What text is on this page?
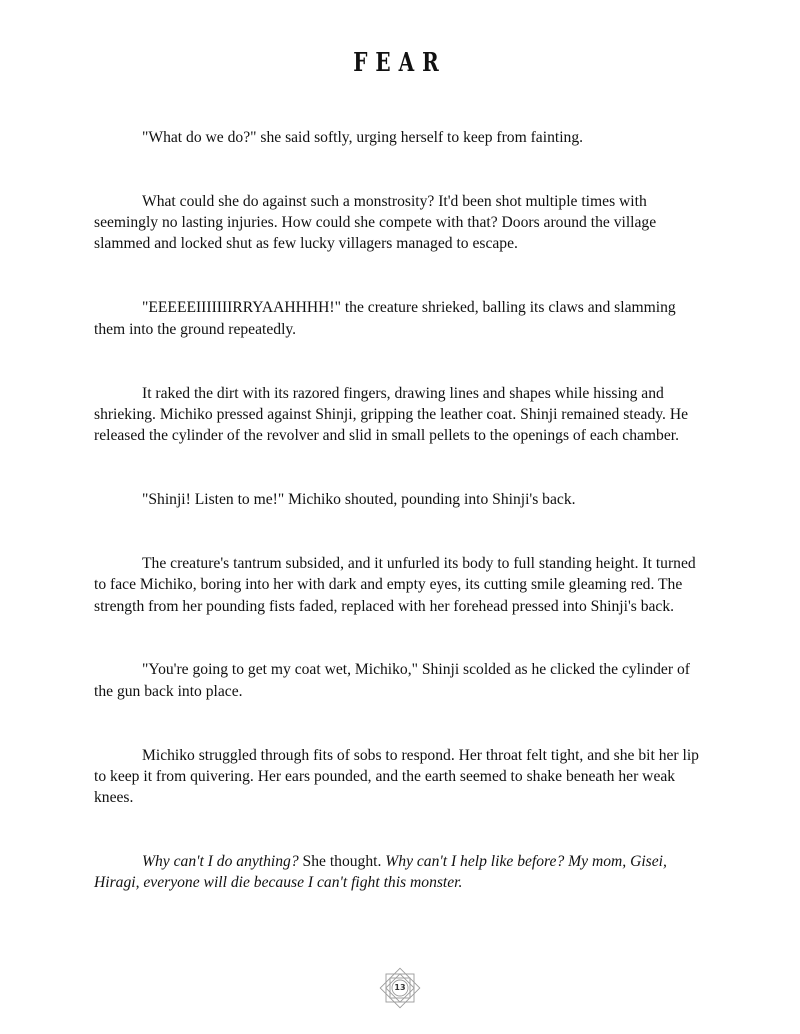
FEAR

"What do we do?" she said softly, urging herself to keep from fainting.

What could she do against such a monstrosity? It'd been shot multiple times with seemingly no lasting injuries. How could she compete with that? Doors around the village slammed and locked shut as few lucky villagers managed to escape.

"EEEEEIIIIIIIRRYAAHHHH!" the creature shrieked, balling its claws and slamming them into the ground repeatedly.

It raked the dirt with its razored fingers, drawing lines and shapes while hissing and shrieking. Michiko pressed against Shinji, gripping the leather coat. Shinji remained steady. He released the cylinder of the revolver and slid in small pellets to the openings of each chamber.

"Shinji! Listen to me!" Michiko shouted, pounding into Shinji's back.

The creature's tantrum subsided, and it unfurled its body to full standing height. It turned to face Michiko, boring into her with dark and empty eyes, its cutting smile gleaming red. The strength from her pounding fists faded, replaced with her forehead pressed into Shinji's back.

"You're going to get my coat wet, Michiko," Shinji scolded as he clicked the cylinder of the gun back into place.

Michiko struggled through fits of sobs to respond. Her throat felt tight, and she bit her lip to keep it from quivering. Her ears pounded, and the earth seemed to shake beneath her weak knees.

Why can't I do anything? She thought. Why can't I help like before? My mom, Gisei, Hiragi, everyone will die because I can't fight this monster.

13
